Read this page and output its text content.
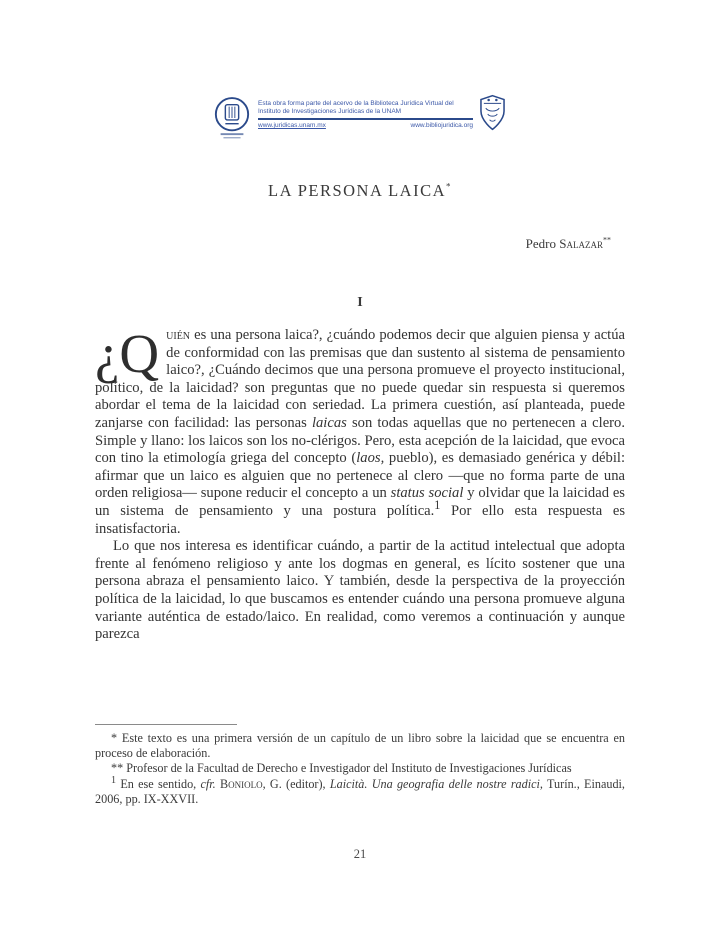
Esta obra forma parte del acervo de la Biblioteca Jurídica Virtual del Instituto de Investigaciones Jurídicas de la UNAM
www.juridicas.unam.mx	www.bibliojuridica.org
LA PERSONA LAICA*
Pedro Salazar**
I

¿Q uién es una persona laica?, ¿cuándo podemos decir que alguien piensa y actúa de conformidad con las premisas que dan sustento al sistema de pensamiento laico?, ¿Cuándo decimos que una persona promueve el proyecto institucional, político, de la laicidad? son preguntas que no puede quedar sin respuesta si queremos abordar el tema de la laicidad con seriedad. La primera cuestión, así planteada, puede zanjarse con facilidad: las personas laicas son todas aquellas que no pertenecen a clero. Simple y llano: los laicos son los no-clérigos. Pero, esta acepción de la laicidad, que evoca con tino la etimología griega del concepto (laos, pueblo), es demasiado genérica y débil: afirmar que un laico es alguien que no pertenece al clero —que no forma parte de una orden religiosa— supone reducir el concepto a un status social y olvidar que la laicidad es un sistema de pensamiento y una postura política.$^1$ Por ello esta respuesta es insatisfactoria.

Lo que nos interesa es identificar cuándo, a partir de la actitud intelectual que adopta frente al fenómeno religioso y ante los dogmas en general, es lícito sostener que una persona abraza el pensamiento laico. Y también, desde la perspectiva de la proyección política de la laicidad, lo que buscamos es entender cuándo una persona promueve alguna variante auténtica de estado/laico. En realidad, como veremos a continuación y aunque parezca

* Este texto es una primera versión de un capítulo de un libro sobre la laicidad que se encuentra en proceso de elaboración.

** Profesor de la Facultad de Derecho e Investigador del Instituto de Investigaciones Jurídicas

$^1$ En ese sentido, cfr. Boniolo, G. (editor), Laicità. Una geografia delle nostre radici, Turín., Einaudi, 2006, pp. IX-XXVII.

21
